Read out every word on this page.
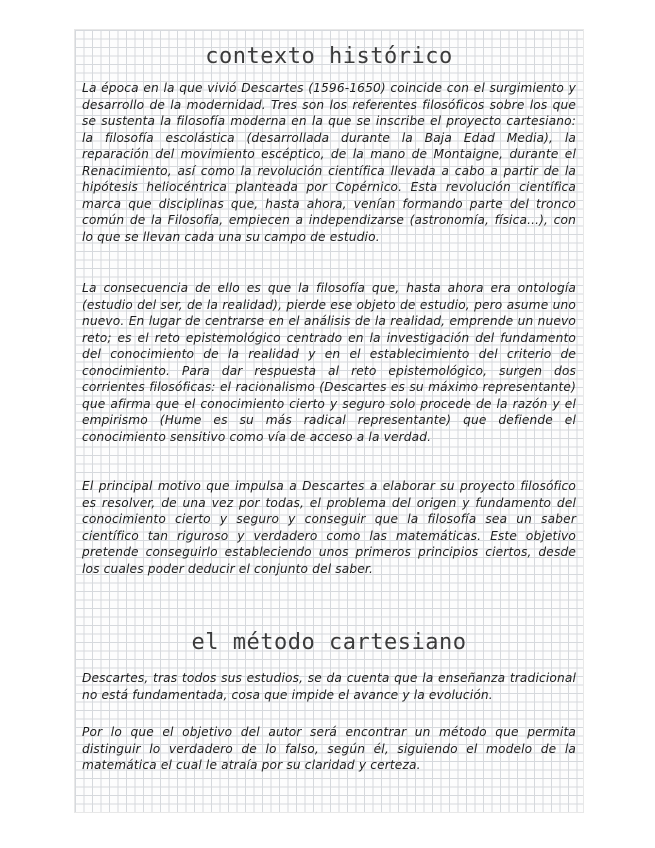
contexto histórico

La época en la que vivió Descartes (1596-1650) coincide con el surgimiento y desarrollo de la modernidad. Tres son los referentes filosóficos sobre los que se sustenta la filosofía moderna en la que se inscribe el proyecto cartesiano: la filosofía escolástica (desarrollada durante la Baja Edad Media), la reparación del movimiento escéptico, de la mano de Montaigne, durante el Renacimiento, así como la revolución científica llevada a cabo a partir de la hipótesis heliocéntrica planteada por Copérnico. Esta revolución científica marca que disciplinas que, hasta ahora, venían formando parte del tronco común de la Filosofía, empiecen a independizarse (astronomía, física...), con lo que se llevan cada una su campo de estudio.

La consecuencia de ello es que la filosofía que, hasta ahora era ontología (estudio del ser, de la realidad), pierde ese objeto de estudio, pero asume uno nuevo. En lugar de centrarse en el análisis de la realidad, emprende un nuevo reto; es el reto epistemológico centrado en la investigación del fundamento del conocimiento de la realidad y en el establecimiento del criterio de conocimiento. Para dar respuesta al reto epistemológico, surgen dos corrientes filosóficas: el racionalismo (Descartes es su máximo representante) que afirma que el conocimiento cierto y seguro solo procede de la razón y el empirismo (Hume es su más radical representante) que defiende el conocimiento sensitivo como vía de acceso a la verdad.

El principal motivo que impulsa a Descartes a elaborar su proyecto filosófico es resolver, de una vez por todas, el problema del origen y fundamento del conocimiento cierto y seguro y conseguir que la filosofía sea un saber científico tan riguroso y verdadero como las matemáticas. Este objetivo pretende conseguirlo estableciendo unos primeros principios ciertos, desde los cuales poder deducir el conjunto del saber.

el método cartesiano

Descartes, tras todos sus estudios, se da cuenta que la enseñanza tradicional no está fundamentada, cosa que impide el avance y la evolución.

Por lo que el objetivo del autor será encontrar un método que permita distinguir lo verdadero de lo falso, según él, siguiendo el modelo de la matemática el cual le atraía por su claridad y certeza.
